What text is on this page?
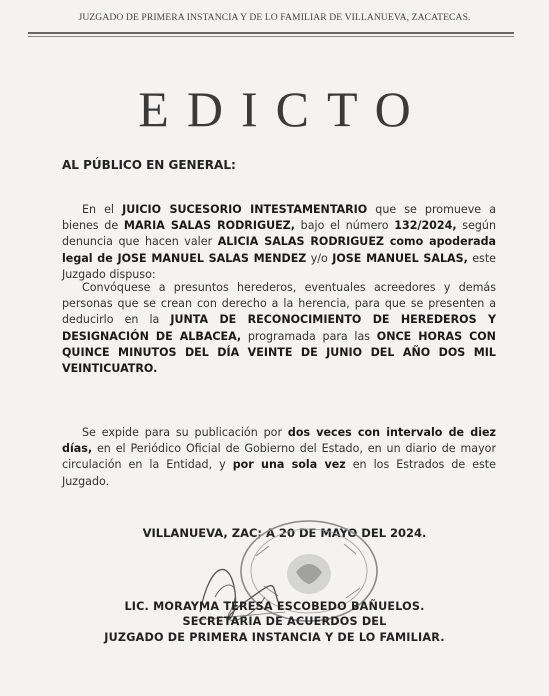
JUZGADO DE PRIMERA INSTANCIA Y DE LO FAMILIAR DE VILLANUEVA, ZACATECAS.
EDICTO
AL PÚBLICO EN GENERAL:
En el JUICIO SUCESORIO INTESTAMENTARIO que se promueve a bienes de MARIA SALAS RODRIGUEZ, bajo el número 132/2024, según denuncia que hacen valer ALICIA SALAS RODRIGUEZ como apoderada legal de JOSE MANUEL SALAS MENDEZ y/o JOSE MANUEL SALAS, este Juzgado dispuso:
Convóquese a presuntos herederos, eventuales acreedores y demás personas que se crean con derecho a la herencia, para que se presenten a deducirlo en la JUNTA DE RECONOCIMIENTO DE HEREDEROS Y DESIGNACIÓN DE ALBACEA, programada para las ONCE HORAS CON QUINCE MINUTOS DEL DÍA VEINTE DE JUNIO DEL AÑO DOS MIL VEINTICUATRO.
Se expide para su publicación por dos veces con intervalo de diez días, en el Periódico Oficial de Gobierno del Estado, en un diario de mayor circulación en la Entidad, y por una sola vez en los Estrados de este Juzgado.
VILLANUEVA, ZAC; A 20 DE MAYO DEL 2024.
LIC. MORAYMA TERESA ESCOBEDO BAÑUELOS.
SECRETARIA DE ACUERDOS DEL
JUZGADO DE PRIMERA INSTANCIA Y DE LO FAMILIAR.
